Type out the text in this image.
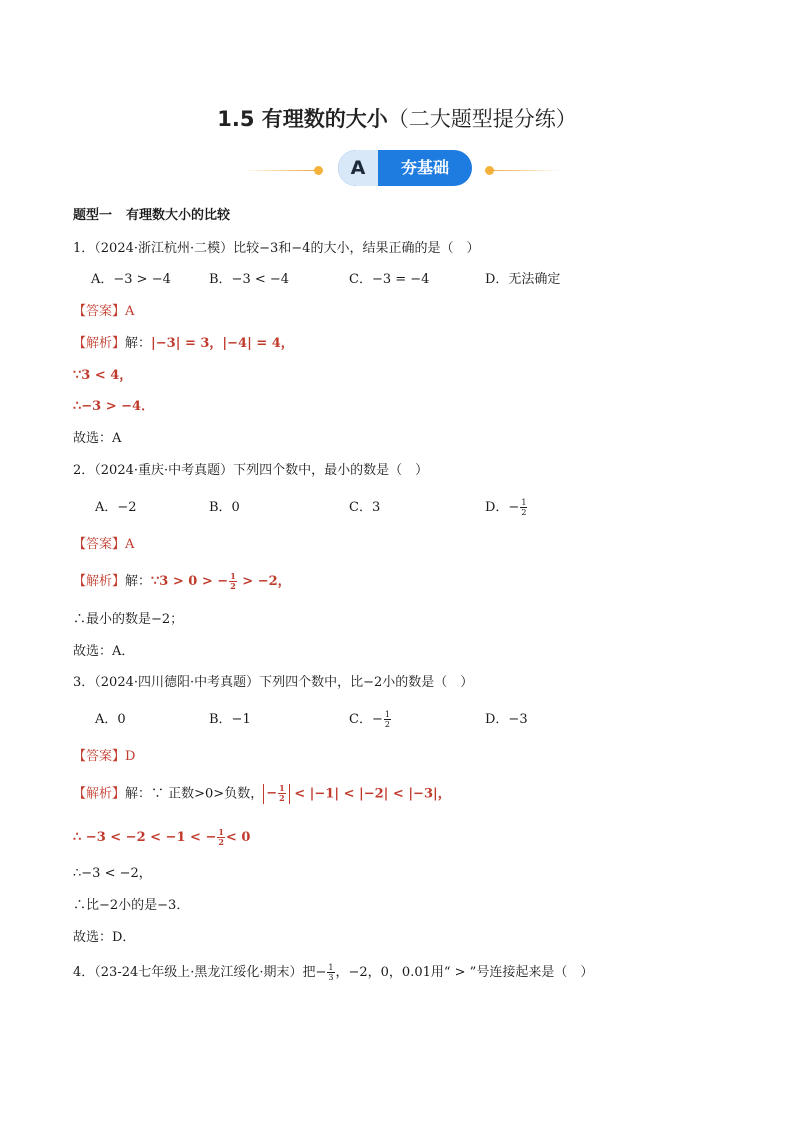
1.5 有理数的大小（二大题型提分练）
A	夯基础
题型一 有理数大小的比较
1．（2024·浙江杭州·二模）比较−3和−4的大小，结果正确的是（　）
A．−3 > −4	B．−3 < −4	C．−3 = −4	D．无法确定
【答案】A
【解析】解：|−3| = 3，|−4| = 4，
∵3 < 4，
∴−3 > −4．
故选：A
2．（2024·重庆·中考真题）下列四个数中，最小的数是（　）
A．−2	B．0	C．3	D．− $\frac{1}{2}$
【答案】A
【解析】解：∵3 > 0 > − $\frac{1}{2} > -2$，
∴最小的数是−2；
故选：A．
3．（2024·四川德阳·中考真题）下列四个数中，比−2小的数是（　）
A．0	B．−1	C．− $\frac{1}{2}$	D．−3
【答案】D
【解析】解：∵ 正数>0>负数， − $\frac{1}{2} < |-1| < |-2| < |-3|$，
∴ −3 < −2 < −1 < − $\frac{1}{2} < 0$
∴−3 < −2，
∴比−2小的是−3．
故选：D．
4．（23-24七年级上·黑龙江绥化·期末）把− $\frac{1}{3}$ ，−2，0，0.01用“ > ”号连接起来是（　）
